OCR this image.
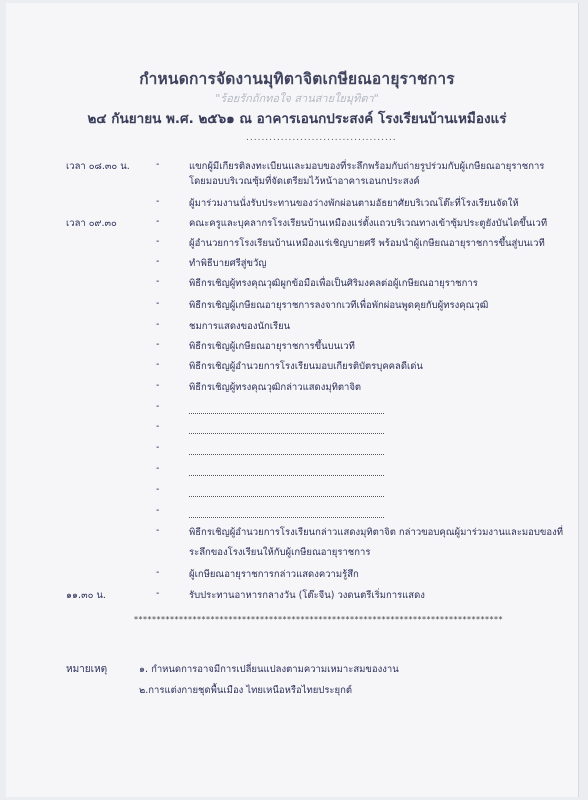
กำหนดการจัดงานมุทิตาจิตเกษียณอายุราชการ
"ร้อยรักถักทอใจ สานสายใยมุทิตา"
๒๔ กันยายน พ.ศ. ๒๕๖๑ ณ อาคารเอนกประสงค์ โรงเรียนบ้านเหมืองแร่
.......................................
เวลา ๐๘.๓๐ น.	-	แขกผู้มีเกียรติลงทะเบียนและมอบของที่ระลึกพร้อมกับถ่ายรูปร่วมกับผู้เกษียณอายุราชการ
โดยมอบบริเวณซุ้มที่จัดเตรียมไว้หน้าอาคารเอนกประสงค์
-	ผู้มาร่วมงานนั่งรับประทานของว่างพักผ่อนตามอัธยาศัยบริเวณโต๊ะที่โรงเรียนจัดให้
เวลา ๐๙.๓๐	-	คณะครูและบุคลากรโรงเรียนบ้านเหมืองแร่ตั้งแถวบริเวณทางเข้าซุ้มประตูยังบันไดขึ้นเวที
-	ผู้อำนวยการโรงเรียนบ้านเหมืองแร่เชิญบายศรี พร้อมนำผู้เกษียณอายุราชการขึ้นสู่บนเวที
-	ทำพิธีบายศรีสู่ขวัญ
-	พิธีกรเชิญผู้ทรงคุณวุฒิผูกข้อมือเพื่อเป็นศิริมงคลต่อผู้เกษียณอายุราชการ
-	พิธีกรเชิญผู้เกษียณอายุราชการลงจากเวทีเพื่อพักผ่อนพูดคุยกับผู้ทรงคุณวุฒิ
-	ชมการแสดงของนักเรียน
-	พิธีกรเชิญผู้เกษียณอายุราชการขึ้นบนเวที
-	พิธีกรเชิญผู้อำนวยการโรงเรียนมอบเกียรติบัตรบุคคลดีเด่น
-	พิธีกรเชิญผู้ทรงคุณวุฒิกล่าวแสดงมุทิตาจิต
-
-
-
-
-
-
-	พิธีกรเชิญผู้อำนวยการโรงเรียนกล่าวแสดงมุทิตาจิต กล่าวขอบคุณผู้มาร่วมงานและมอบของที่
ระลึกของโรงเรียนให้กับผู้เกษียณอายุราชการ
-	ผู้เกษียณอายุราชการกล่าวแสดงความรู้สึก
๑๑.๓๐ น.	-	รับประทานอาหารกลางวัน (โต๊ะจีน) วงดนตรีเริ่มการแสดง
**********************************************************************************
หมายเหตุ	๑. กำหนดการอาจมีการเปลี่ยนแปลงตามความเหมาะสมของงาน
๒.การแต่งกายชุดพื้นเมือง ไทยเหนือหรือไทยประยุกต์
